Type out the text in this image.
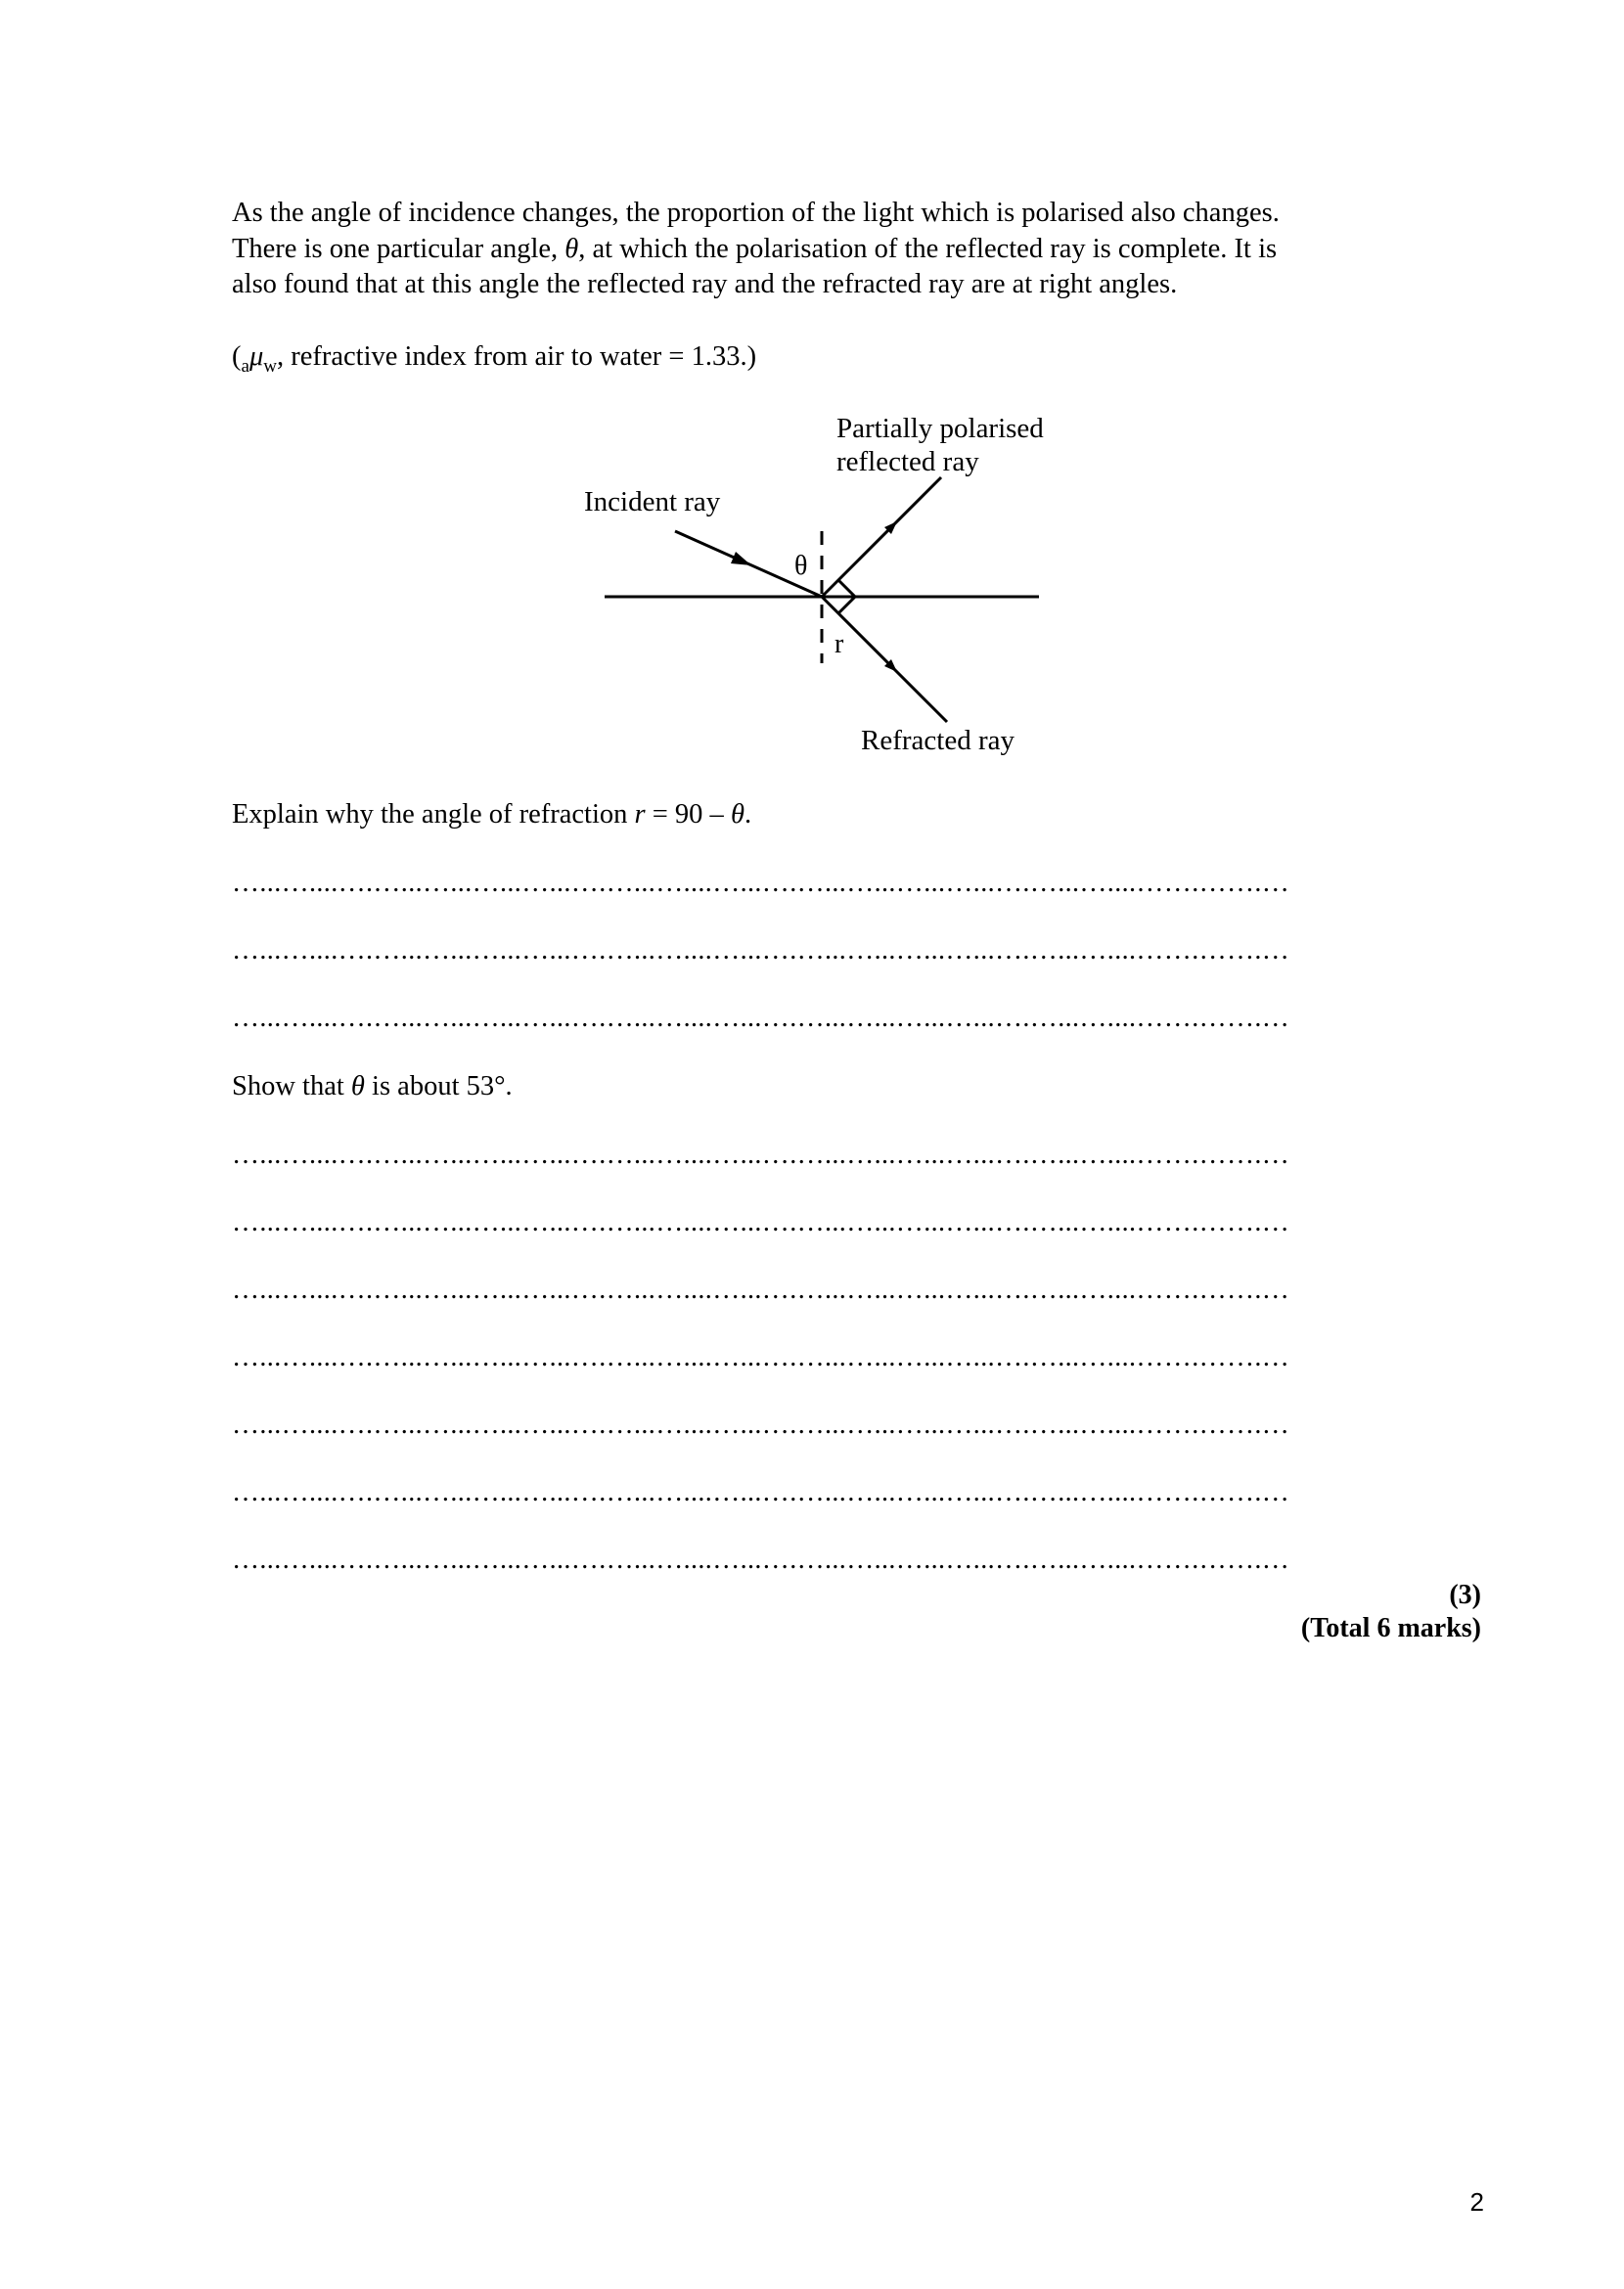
As the angle of incidence changes, the proportion of the light which is polarised also changes.
There is one particular angle, θ, at which the polarisation of the reflected ray is complete. It is
also found that at this angle the reflected ray and the refracted ray are at right angles.

($_a\mu_w$, refractive index from air to water = 1.33.)

θ
r
Incident ray
Partially polarised
reflected ray
Refracted ray

Explain why the angle of refraction r = 90 – θ.

…...…....….…...…...…...…...….…...…....…...….…...…...…...…...….…...…....…….…….…
…...…....….…...…...…...…...….…...…....…...….…...…...…...…...….…...…....…….…….…
…...…....….…...…...…...…...….…...…....…...….…...…...…...…...….…...…....…….…….…

Show that θ is about 53°.

…...…....….…...…...…...…...….…...…....…...….…...…...…...…...….…...…....…….…….…
…...…....….…...…...…...…...….…...…....…...….…...…...…...…...….…...…....…….…….…
…...…....….…...…...…...…...….…...…....…...….…...…...…...…...….…...…....…….…….…
…...…....….…...…...…...…...….…...…....…...….…...…...…...…...….…...…....…….…….…
…...…....….…...…...…...…...….…...…....…...….…...…...…...…...….…...…....…….…….…
…...…....….…...…...…...…...….…...…....…...….…...…...…...…...….…...…....…….…….…
…...…....….…...…...…...…...….…...…....…...….…...…...…...…...….…...…....…….…….…
(3)
(Total 6 marks)
2
